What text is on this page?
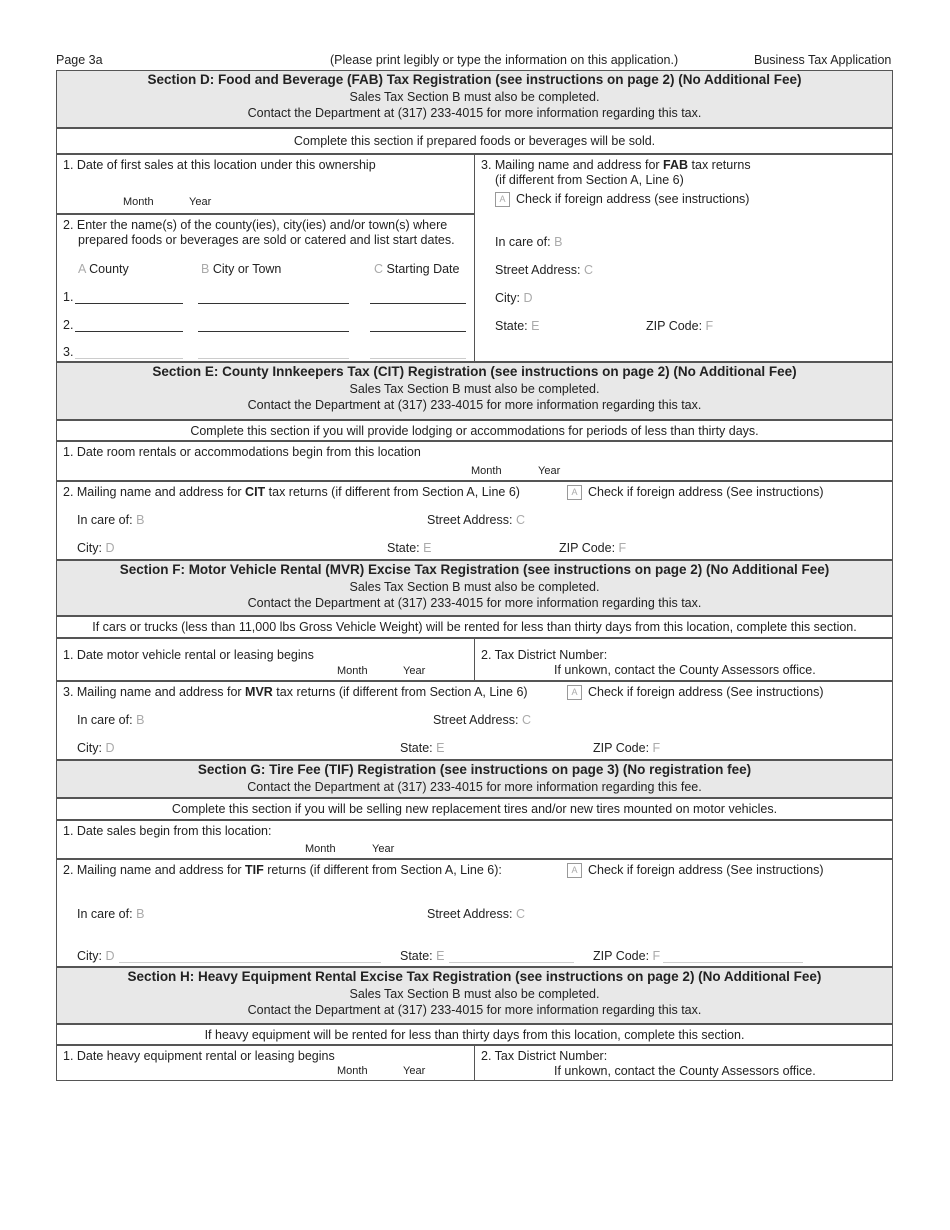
Page 3a	(Please print legibly or type the information on this application.)	Business Tax Application
Section D: Food and Beverage (FAB) Tax Registration (see instructions on page 2) (No Additional Fee)
Sales Tax Section B must also be completed.
Contact the Department at (317) 233-4015 for more information regarding this tax.
Complete this section if prepared foods or beverages will be sold.
1. Date of first sales at this location under this ownership
Month	Year
2. Enter the name(s) of the county(ies), city(ies) and/or town(s) where
prepared foods or beverages are sold or catered and list start dates.
A County	B City or Town	C Starting Date
1.
2.
3.
3. Mailing name and address for FAB tax returns
(if different from Section A, Line 6)
A Check if foreign address (see instructions)
In care of: B
Street Address: C
City: D
State: E	ZIP Code: F
Section E: County Innkeepers Tax (CIT) Registration (see instructions on page 2) (No Additional Fee)
Sales Tax Section B must also be completed.
Contact the Department at (317) 233-4015 for more information regarding this tax.
Complete this section if you will provide lodging or accommodations for periods of less than thirty days.
1. Date room rentals or accommodations begin from this location
Month	Year
2. Mailing name and address for CIT tax returns (if different from Section A, Line 6)	A Check if foreign address (See instructions)
In care of: B	Street Address: C
City: D	State: E	ZIP Code: F
Section F: Motor Vehicle Rental (MVR) Excise Tax Registration (see instructions on page 2) (No Additional Fee)
Sales Tax Section B must also be completed.
Contact the Department at (317) 233-4015 for more information regarding this tax.
If cars or trucks (less than 11,000 lbs Gross Vehicle Weight) will be rented for less than thirty days from this location, complete this section.
1. Date motor vehicle rental or leasing begins
Month	Year
2. Tax District Number:
If unkown, contact the County Assessors office.
3. Mailing name and address for MVR tax returns (if different from Section A, Line 6)	A Check if foreign address (See instructions)
In care of: B	Street Address: C
City: D	State: E	ZIP Code: F
Section G: Tire Fee (TIF) Registration (see instructions on page 3) (No registration fee)
Contact the Department at (317) 233-4015 for more information regarding this fee.
Complete this section if you will be selling new replacement tires and/or new tires mounted on motor vehicles.
1. Date sales begin from this location:
Month	Year
2. Mailing name and address for TIF returns (if different from Section A, Line 6):	A Check if foreign address (See instructions)
In care of: B	Street Address: C
City: D	State: E	ZIP Code: F
Section H: Heavy Equipment Rental Excise Tax Registration (see instructions on page 2) (No Additional Fee)
Sales Tax Section B must also be completed.
Contact the Department at (317) 233-4015 for more information regarding this tax.
If heavy equipment will be rented for less than thirty days from this location, complete this section.
1. Date heavy equipment rental or leasing begins
Month	Year
2. Tax District Number:
If unkown, contact the County Assessors office.
